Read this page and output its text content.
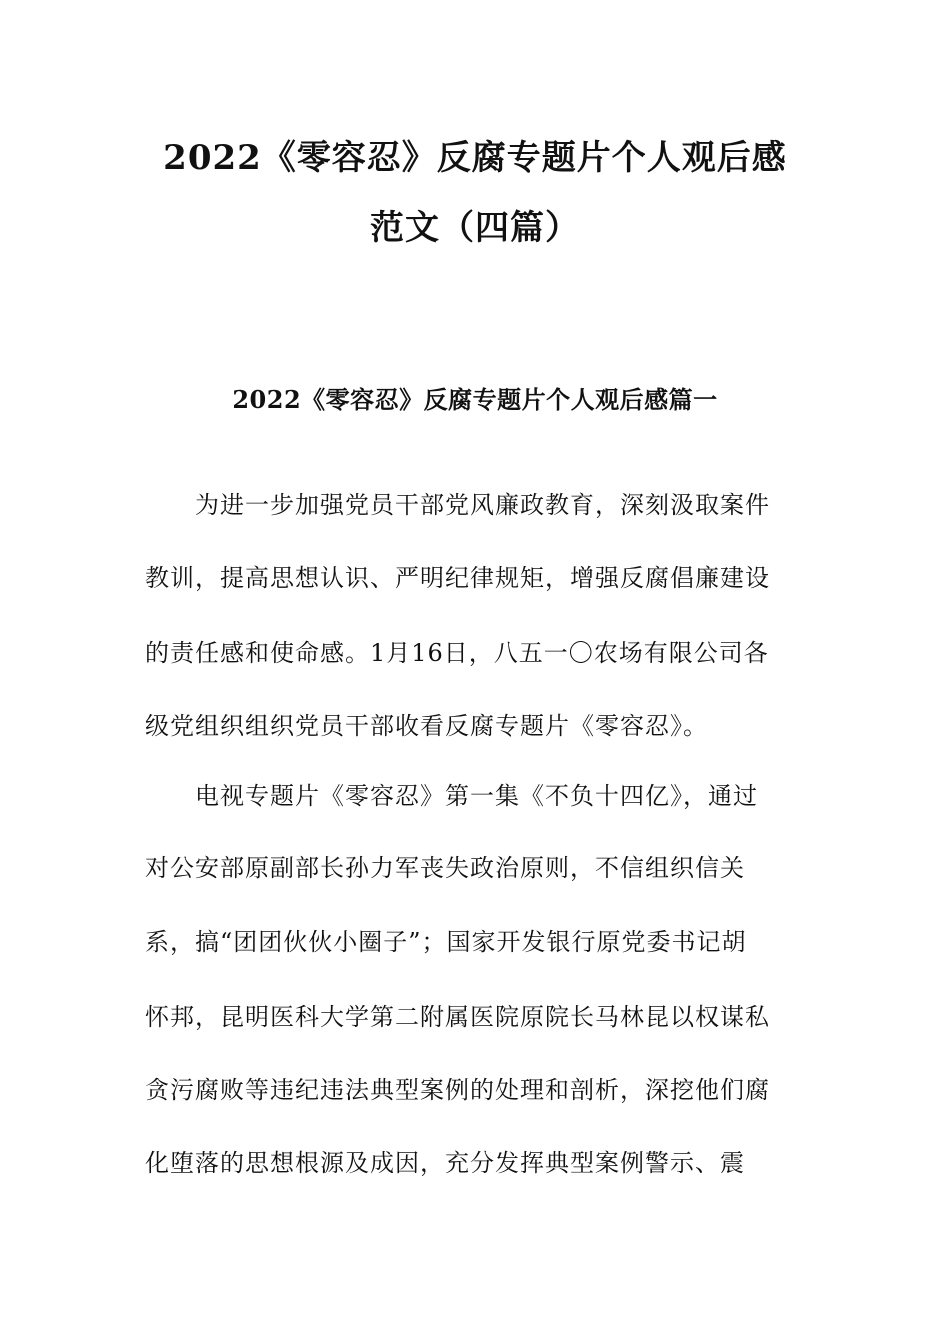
2022《零容忍》反腐专题片个人观后感
范文（四篇）
2022《零容忍》反腐专题片个人观后感篇一
为进一步加强党员干部党风廉政教育，深刻汲取案件
教训，提高思想认识、严明纪律规矩，增强反腐倡廉建设
的责任感和使命感。1月16日，八五一〇农场有限公司各
级党组织组织党员干部收看反腐专题片《零容忍》。
电视专题片《零容忍》第一集《不负十四亿》，通过
对公安部原副部长孙力军丧失政治原则，不信组织信关
系，搞“团团伙伙小圈子”；国家开发银行原党委书记胡
怀邦，昆明医科大学第二附属医院原院长马林昆以权谋私
贪污腐败等违纪违法典型案例的处理和剖析，深挖他们腐
化堕落的思想根源及成因，充分发挥典型案例警示、震
